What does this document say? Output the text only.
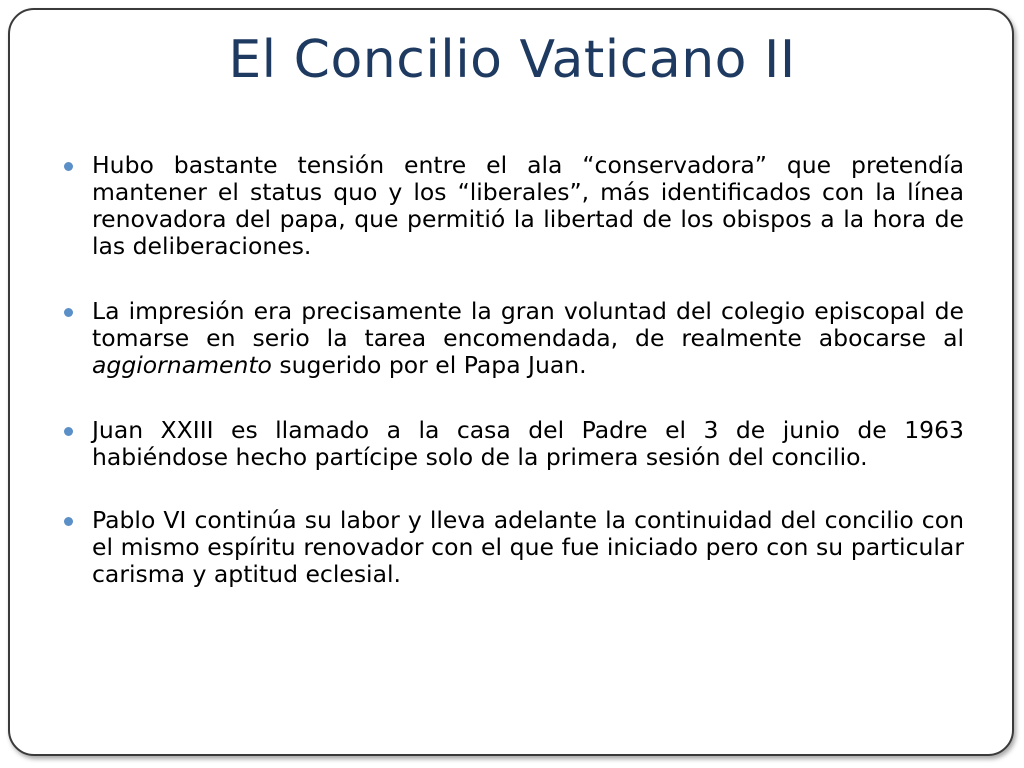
El Concilio Vaticano II
Hubo bastante tensión entre el ala “conservadora” que pretendía mantener el status quo y los “liberales”, más identificados con la línea renovadora del papa, que permitió la libertad de los obispos a la hora de las deliberaciones.
La impresión era precisamente la gran voluntad del colegio episcopal de tomarse en serio la tarea encomendada, de realmente abocarse al aggiornamento sugerido por el Papa Juan.
Juan XXIII es llamado a la casa del Padre el 3 de junio de 1963 habiéndose hecho partícipe solo de la primera sesión del concilio.
Pablo VI continúa su labor y lleva adelante la continuidad del concilio con el mismo espíritu renovador con el que fue iniciado pero con su particular carisma y aptitud eclesial.
